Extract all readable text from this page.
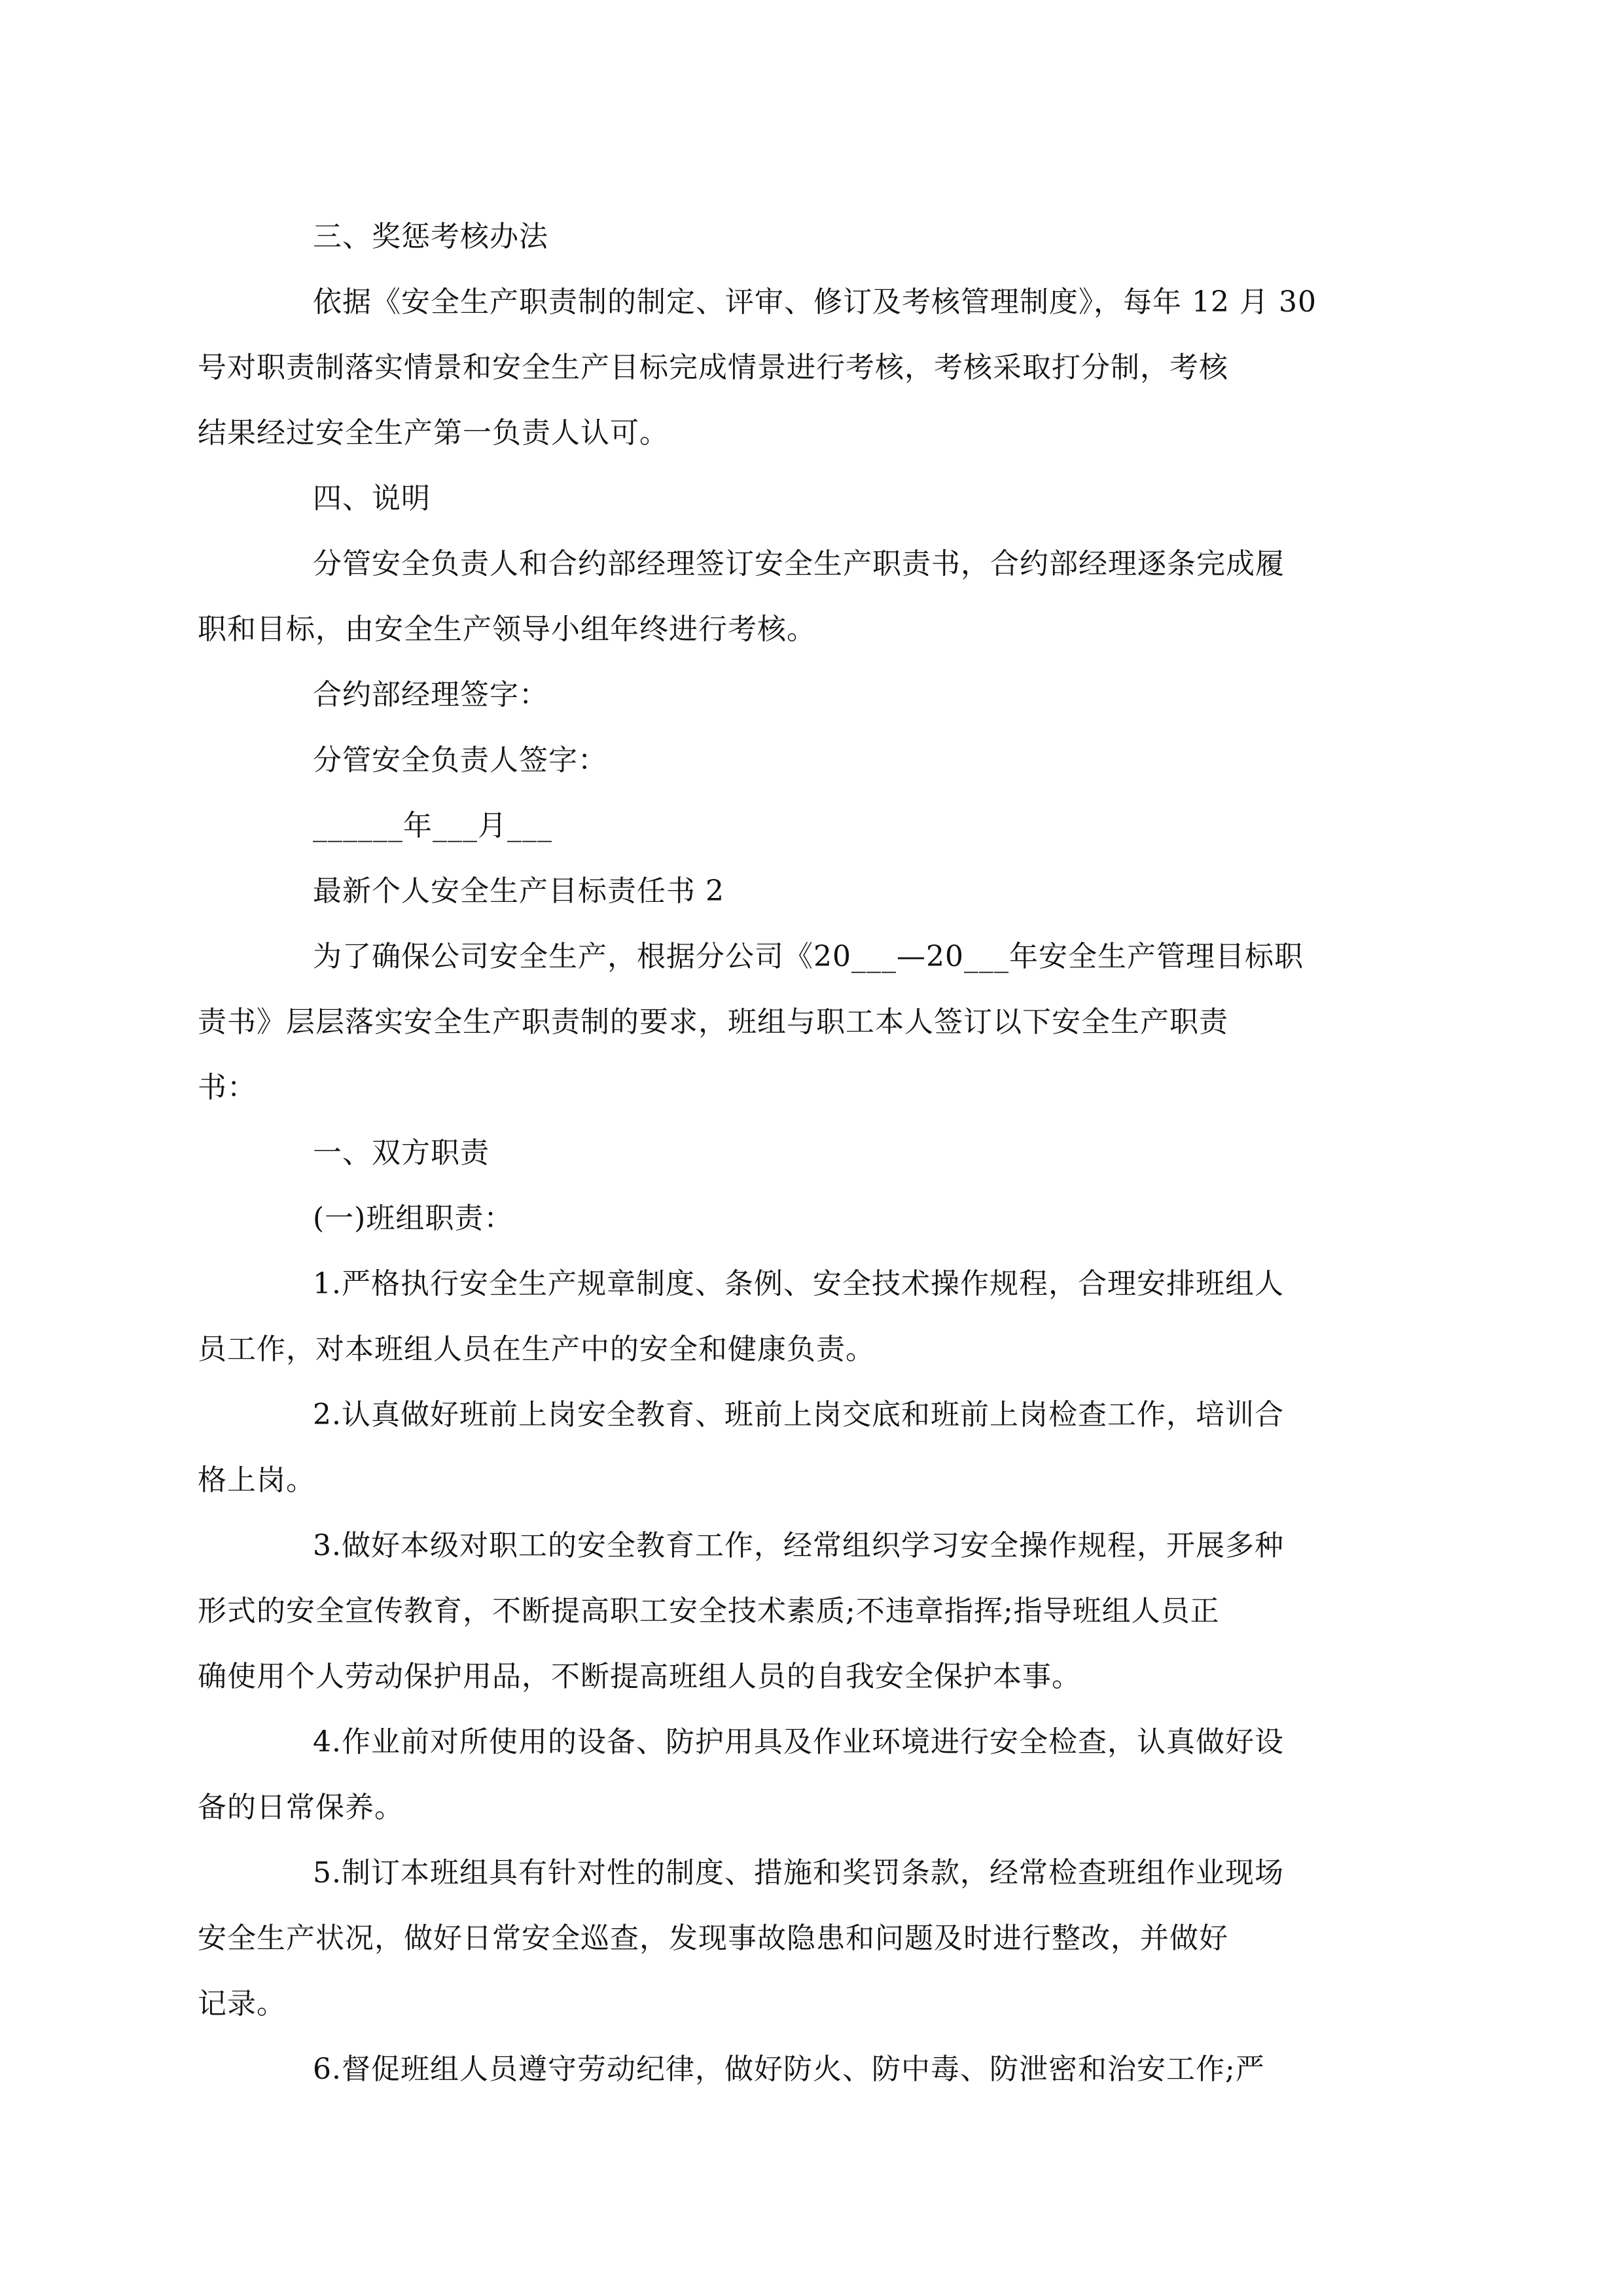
三、奖惩考核办法

依据《安全生产职责制的制定、评审、修订及考核管理制度》，每年 12 月 30

号对职责制落实情景和安全生产目标完成情景进行考核，考核采取打分制，考核

结果经过安全生产第一负责人认可。

四、说明

分管安全负责人和合约部经理签订安全生产职责书，合约部经理逐条完成履

职和目标，由安全生产领导小组年终进行考核。

合约部经理签字：

分管安全负责人签字：

______年___月___

最新个人安全生产目标责任书 2

为了确保公司安全生产，根据分公司《20___—20___年安全生产管理目标职

责书》层层落实安全生产职责制的要求，班组与职工本人签订以下安全生产职责

书：

一、双方职责

(一)班组职责：

1.严格执行安全生产规章制度、条例、安全技术操作规程，合理安排班组人

员工作，对本班组人员在生产中的安全和健康负责。

2.认真做好班前上岗安全教育、班前上岗交底和班前上岗检查工作，培训合

格上岗。

3.做好本级对职工的安全教育工作，经常组织学习安全操作规程，开展多种

形式的安全宣传教育，不断提高职工安全技术素质;不违章指挥;指导班组人员正

确使用个人劳动保护用品，不断提高班组人员的自我安全保护本事。

4.作业前对所使用的设备、防护用具及作业环境进行安全检查，认真做好设

备的日常保养。

5.制订本班组具有针对性的制度、措施和奖罚条款，经常检查班组作业现场

安全生产状况，做好日常安全巡查，发现事故隐患和问题及时进行整改，并做好

记录。

6.督促班组人员遵守劳动纪律，做好防火、防中毒、防泄密和治安工作;严
